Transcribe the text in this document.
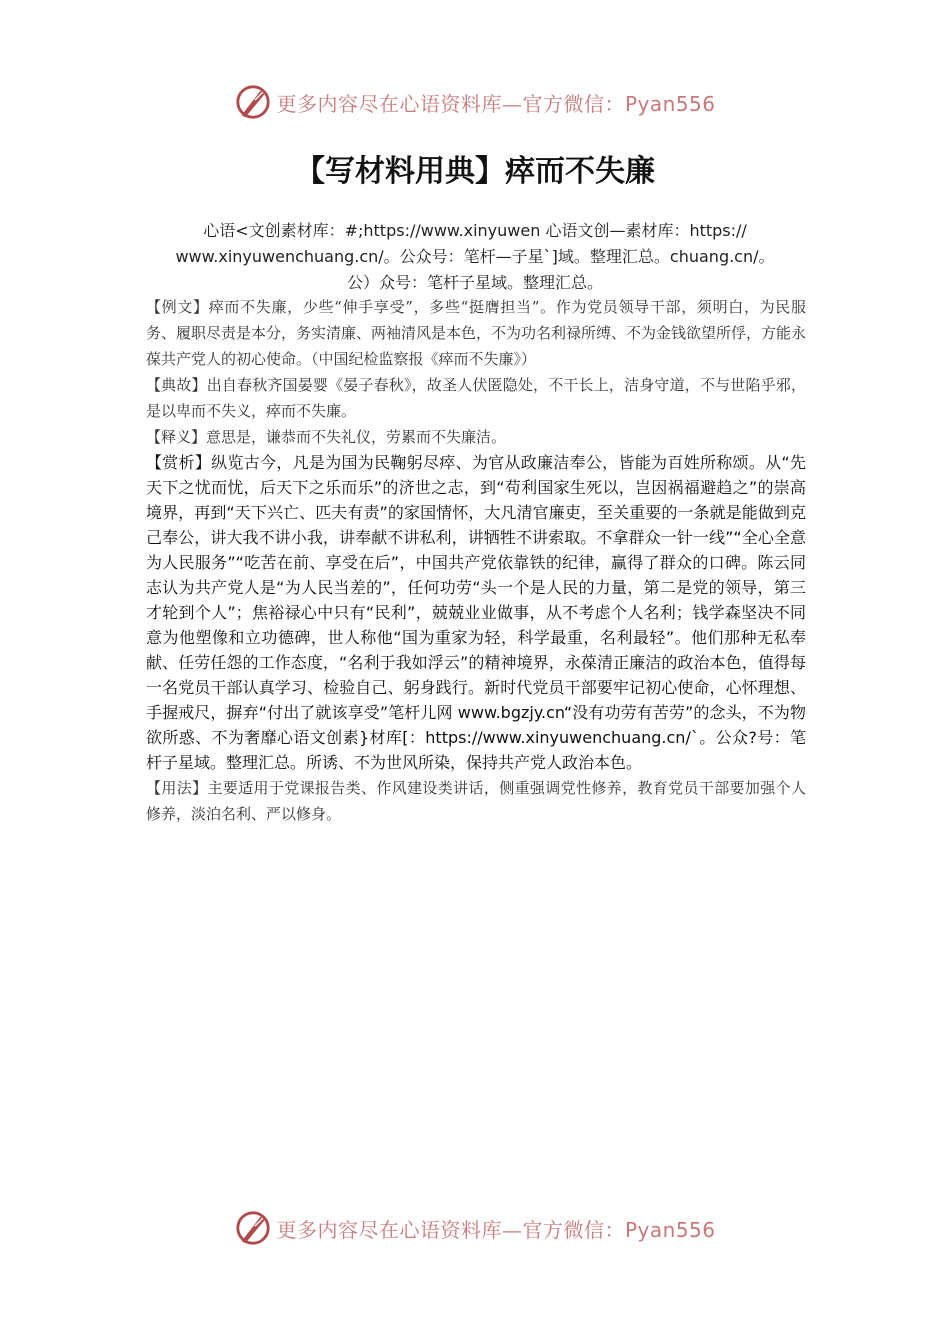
更多内容尽在心语资料库—官方微信：Pyan556
【写材料用典】瘁而不失廉

心语<文创素材库：#;https://www.xinyuwen 心语文创—素材库：https://

www.xinyuwenchuang.cn/。公众号：笔杆—子星`]域。整理汇总。chuang.cn/。

公）众号：笔杆子星域。整理汇总。

【例文】瘁而不失廉，少些“伸手享受”，多些“挺膺担当”。作为党员领导干部，须明白，为民服务、履职尽责是本分，务实清廉、两袖清风是本色，不为功名利禄所缚、不为金钱欲望所俘，方能永葆共产党人的初心使命。（中国纪检监察报《瘁而不失廉》）

【典故】出自春秋齐国晏婴《晏子春秋》，故圣人伏匿隐处，不干长上，洁身守道，不与世陷乎邪，是以卑而不失义，瘁而不失廉。

【释义】意思是，谦恭而不失礼仪，劳累而不失廉洁。

【赏析】纵览古今，凡是为国为民鞠躬尽瘁、为官从政廉洁奉公，皆能为百姓所称颂。从“先天下之忧而忧，后天下之乐而乐”的济世之志，到“苟利国家生死以，岂因祸福避趋之”的崇高境界，再到“天下兴亡、匹夫有责”的家国情怀，大凡清官廉吏，至关重要的一条就是能做到克己奉公，讲大我不讲小我，讲奉献不讲私利，讲牺牲不讲索取。不拿群众一针一线”“全心全意为人民服务”“吃苦在前、享受在后”，中国共产党依靠铁的纪律，赢得了群众的口碑。陈云同志认为共产党人是“为人民当差的”，任何功劳“头一个是人民的力量，第二是党的领导，第三才轮到个人”；焦裕禄心中只有“民利”，兢兢业业做事，从不考虑个人名利；钱学森坚决不同意为他塑像和立功德碑，世人称他“国为重家为轻，科学最重，名利最轻”。他们那种无私奉献、任劳任怨的工作态度，“名利于我如浮云”的精神境界，永葆清正廉洁的政治本色，值得每一名党员干部认真学习、检验自己、躬身践行。新时代党员干部要牢记初心使命，心怀理想、手握戒尺，摒弃“付出了就该享受”笔杆儿网 www.bgzjy.cn“没有功劳有苦劳”的念头，不为物欲所惑、不为奢靡心语文创素}材库[：https://www.xinyuwenchuang.cn/`。公众?号：笔杆子星域。整理汇总。所诱、不为世风所染，保持共产党人政治本色。

【用法】主要适用于党课报告类、作风建设类讲话，侧重强调党性修养，教育党员干部要加强个人修养，淡泊名利、严以修身。

更多内容尽在心语资料库—官方微信：Pyan556
